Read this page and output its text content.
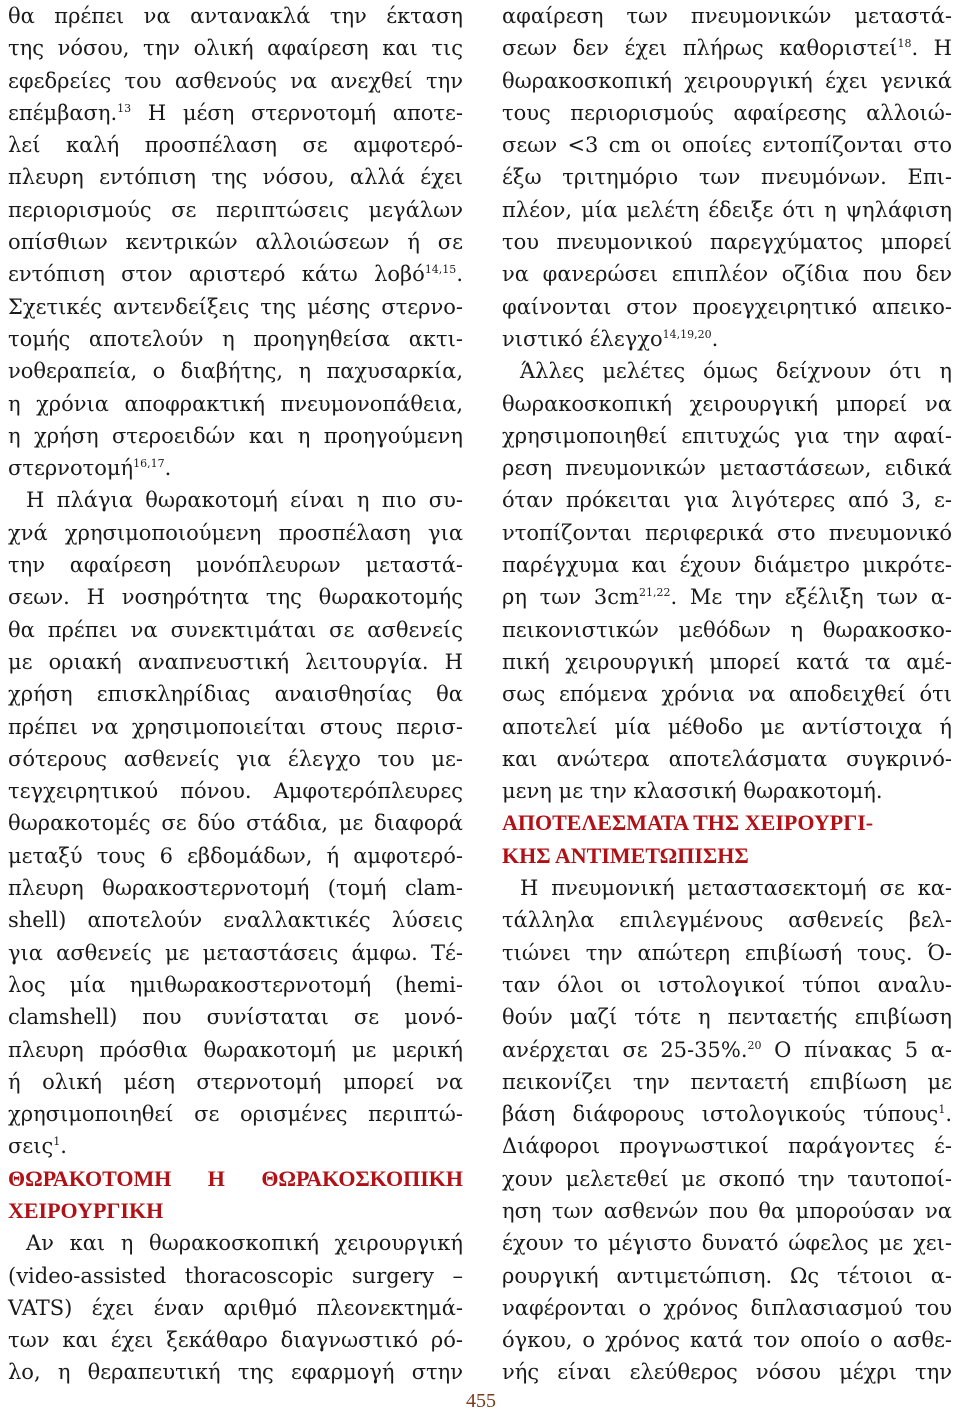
θα πρέπει να αντανακλά την έκταση
της νόσου, την ολική αφαίρεση και τις
εφεδρείες του ασθενούς να ανεχθεί την
επέμβαση.$^{13}$ Η μέση στερνοτομή αποτε-
λεί καλή προσπέλαση σε αμφοτερό-
πλευρη εντόπιση της νόσου, αλλά έχει
περιορισμούς σε περιπτώσεις μεγάλων
οπίσθιων κεντρικών αλλοιώσεων ή σε
εντόπιση στον αριστερό κάτω λοβό$^{14,15}$.
Σχετικές αντενδείξεις της μέσης στερνο-
τομής αποτελούν η προηγηθείσα ακτι-
νοθεραπεία, ο διαβήτης, η παχυσαρκία,
η χρόνια αποφρακτική πνευμονοπάθεια,
η χρήση στεροειδών και η προηγούμενη
στερνοτομή$^{16,17}$.
Η πλάγια θωρακοτομή είναι η πιο συ-
χνά χρησιμοποιούμενη προσπέλαση για
την αφαίρεση μονόπλευρων μεταστά-
σεων. Η νοσηρότητα της θωρακοτομής
θα πρέπει να συνεκτιμάται σε ασθενείς
με οριακή αναπνευστική λειτουργία. Η
χρήση επισκληρίδιας αναισθησίας θα
πρέπει να χρησιμοποιείται στους περισ-
σότερους ασθενείς για έλεγχο του με-
τεγχειρητικού πόνου. Αμφοτερόπλευρες
θωρακοτομές σε δύο στάδια, με διαφορά
μεταξύ τους 6 εβδομάδων, ή αμφοτερό-
πλευρη θωρακοστερνοτομή (τομή clam-
shell) αποτελούν εναλλακτικές λύσεις
για ασθενείς με μεταστάσεις άμφω. Τέ-
λος μία ημιθωρακοστερνοτομή (hemi-
clamshell) που συνίσταται σε μονό-
πλευρη πρόσθια θωρακοτομή με μερική
ή ολική μέση στερνοτομή μπορεί να
χρησιμοποιηθεί σε ορισμένες περιπτώ-
σεις$^1$.
ΘΩΡΑΚΟΤΟΜΗ Η ΘΩΡΑΚΟΣΚΟΠΙΚΗ
ΧΕΙΡΟΥΡΓΙΚΗ
Αν και η θωρακοσκοπική χειρουργική
(video-assisted thoracoscopic surgery –
VATS) έχει έναν αριθμό πλεονεκτημά-
των και έχει ξεκάθαρο διαγνωστικό ρό-
λο, η θεραπευτική της εφαρμογή στην
αφαίρεση των πνευμονικών μεταστά-
σεων δεν έχει πλήρως καθοριστεί$^{18}$. Η
θωρακοσκοπική χειρουργική έχει γενικά
τους περιορισμούς αφαίρεσης αλλοιώ-
σεων <3 cm οι οποίες εντοπίζονται στο
έξω τριτημόριο των πνευμόνων. Επι-
πλέον, μία μελέτη έδειξε ότι η ψηλάφιση
του πνευμονικού παρεγχύματος μπορεί
να φανερώσει επιπλέον οζίδια που δεν
φαίνονται στον προεγχειρητικό απεικο-
νιστικό έλεγχο$^{14,19,20}$.
Άλλες μελέτες όμως δείχνουν ότι η
θωρακοσκοπική χειρουργική μπορεί να
χρησιμοποιηθεί επιτυχώς για την αφαί-
ρεση πνευμονικών μεταστάσεων, ειδικά
όταν πρόκειται για λιγότερες από 3, ε-
ντοπίζονται περιφερικά στο πνευμονικό
παρέγχυμα και έχουν διάμετρο μικρότε-
ρη των 3cm$^{21,22}$. Με την εξέλιξη των α-
πεικονιστικών μεθόδων η θωρακοσκο-
πική χειρουργική μπορεί κατά τα αμέ-
σως επόμενα χρόνια να αποδειχθεί ότι
αποτελεί μία μέθοδο με αντίστοιχα ή
και ανώτερα αποτελάσματα συγκρινό-
μενη με την κλασσική θωρακοτομή.
ΑΠΟΤΕΛΕΣΜΑΤΑ ΤΗΣ ΧΕΙΡΟΥΡΓΙ-
ΚΗΣ ΑΝΤΙΜΕΤΩΠΙΣΗΣ
Η πνευμονική μεταστασεκτομή σε κα-
τάλληλα επιλεγμένους ασθενείς βελ-
τιώνει την απώτερη επιβίωσή τους. Ό-
ταν όλοι οι ιστολογικοί τύποι αναλυ-
θούν μαζί τότε η πενταετής επιβίωση
ανέρχεται σε 25-35%.$^{20}$ Ο πίνακας 5 α-
πεικονίζει την πενταετή επιβίωση με
βάση διάφορους ιστολογικούς τύπους$^1$.
Διάφοροι προγνωστικοί παράγοντες έ-
χουν μελετεθεί με σκοπό την ταυτοποί-
ηση των ασθενών που θα μπορούσαν να
έχουν το μέγιστο δυνατό ώφελος με χει-
ρουργική αντιμετώπιση. Ως τέτοιοι α-
ναφέρονται ο χρόνος διπλασιασμού του
όγκου, ο χρόνος κατά τον οποίο ο ασθε-
νής είναι ελεύθερος νόσου μέχρι την
455
